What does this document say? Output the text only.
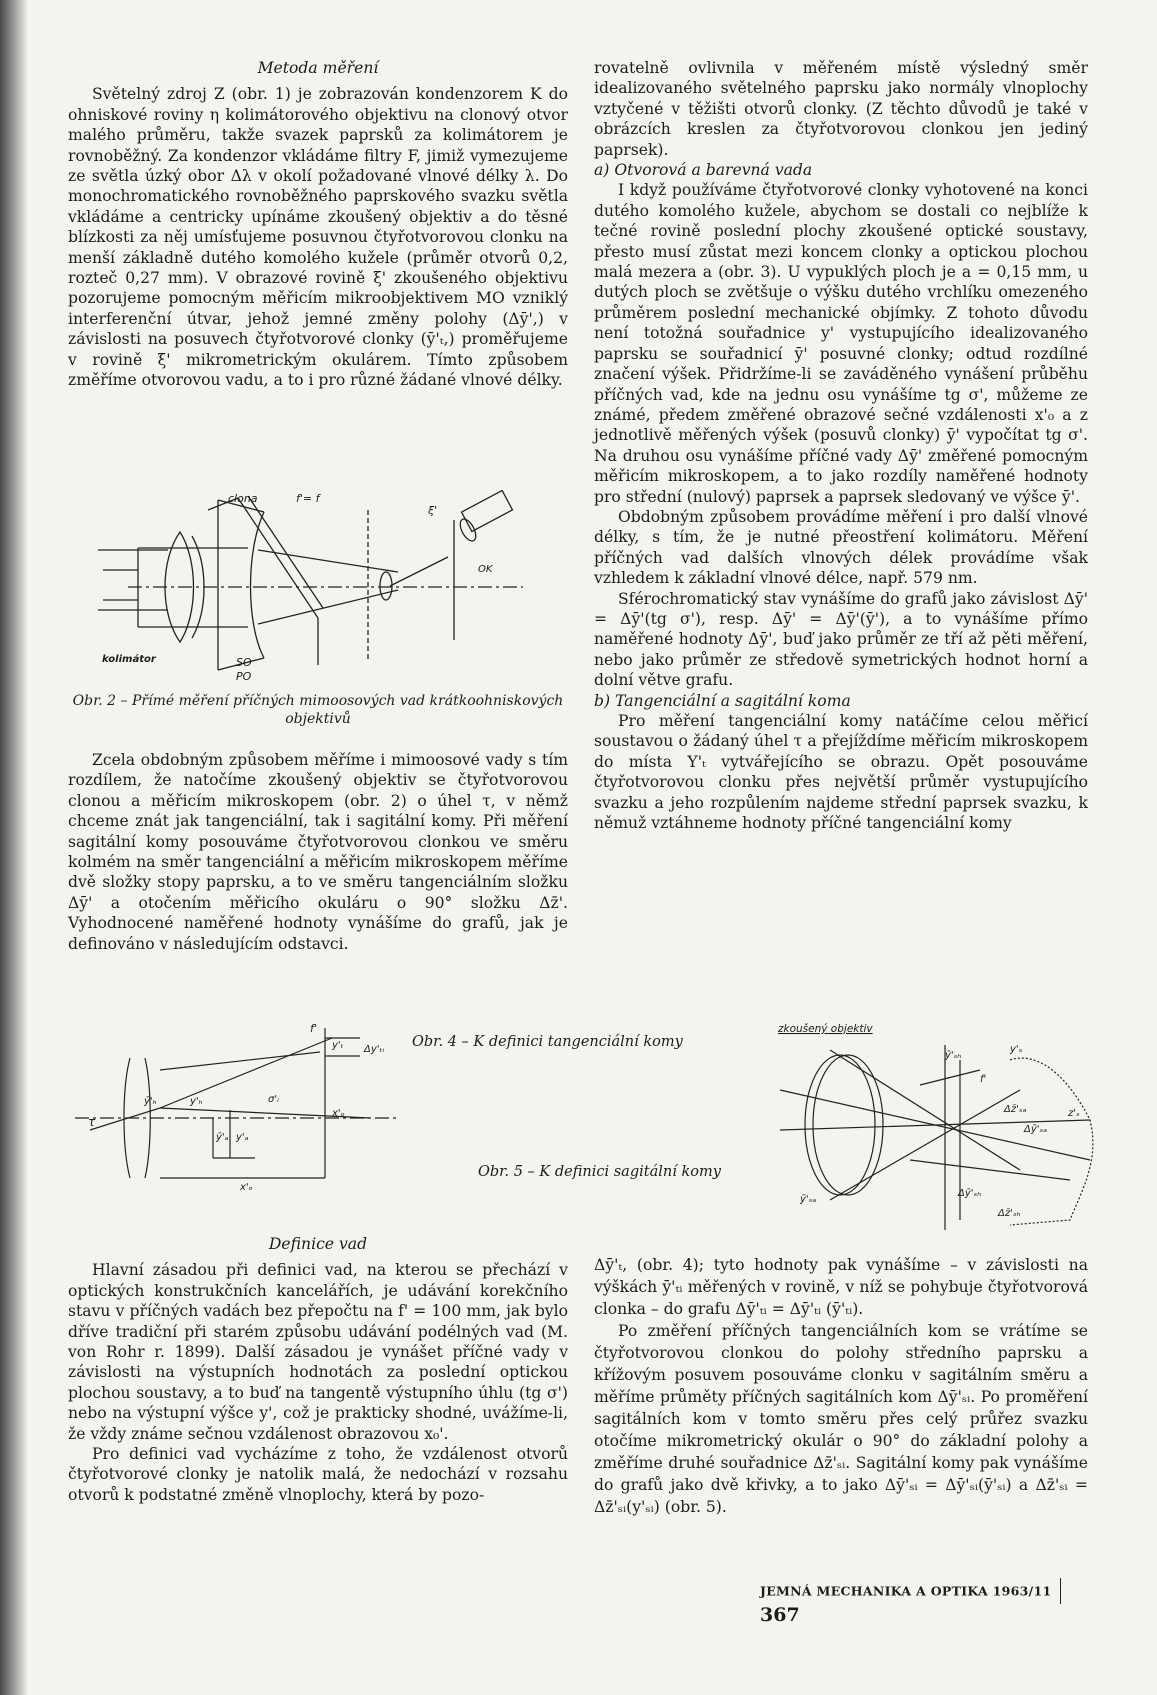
Metoda měření

Světelný zdroj Z (obr. 1) je zobrazován kondenzorem K do ohniskové roviny η kolimátorového objektivu na clonový otvor malého průměru, takže svazek paprsků za kolimátorem je rovnoběžný. Za kondenzor vkládáme filtry F, jimiž vymezujeme ze světla úzký obor Δλ v okolí požadované vlnové délky λ. Do monochromatického rovnoběžného paprskového svazku světla vkládáme a centricky upínáme zkoušený objektiv a do těsné blízkosti za něj umísťujeme posuvnou čtyřotvorovou clonku na menší základně dutého komolého kužele (průměr otvorů 0,2, rozteč 0,27 mm). V obrazové rovině ξ' zkoušeného objektivu pozorujeme pomocným měřicím mikroobjektivem MO vzniklý interferenční útvar, jehož jemné změny polohy (Δȳ',) v závislosti na posuvech čtyřotvorové clonky (ȳ'ₜ,) proměřujeme v rovině ξ' mikrometrickým okulárem. Tímto způsobem změříme otvorovou vadu, a to i pro různé žádané vlnové délky.

clona	f'= f
ξ'
OK
kolimátor	SO
PO
Obr. 2 – Přímé měření příčných mimoosových vad krátkoohniskových objektivů

Zcela obdobným způsobem měříme i mimoosové vady s tím rozdílem, že natočíme zkoušený objektiv se čtyřotvorovou clonou a měřicím mikroskopem (obr. 2) o úhel τ, v němž chceme znát jak tangenciální, tak i sagitální komy. Při měření sagitální komy posouváme čtyřotvorovou clonkou ve směru kolmém na směr tangenciální a měřicím mikroskopem měříme dvě složky stopy paprsku, a to ve směru tangenciálním složku Δȳ' a otočením měřicího okuláru o 90° složku Δz̄'. Vyhodnocené naměřené hodnoty vynášíme do grafů, jak je definováno v následujícím odstavci.

rovatelně ovlivnila v měřeném místě výsledný směr idealizovaného světelného paprsku jako normály vlnoplochy vztyčené v těžišti otvorů clonky. (Z těchto důvodů je také v obrázcích kreslen za čtyřotvorovou clonkou jen jediný paprsek).

a) Otvorová a barevná vada

I když používáme čtyřotvorové clonky vyhotovené na konci dutého komolého kužele, abychom se dostali co nejblíže k tečné rovině poslední plochy zkoušené optické soustavy, přesto musí zůstat mezi koncem clonky a optickou plochou malá mezera a (obr. 3). U vypuklých ploch je a = 0,15 mm, u dutých ploch se zvětšuje o výšku dutého vrchlíku omezeného průměrem poslední mechanické objímky. Z tohoto důvodu není totožná souřadnice y' vystupujícího idealizovaného paprsku se souřadnicí ȳ' posuvné clonky; odtud rozdílné značení výšek. Přidržíme-li se zaváděného vynášení průběhu příčných vad, kde na jednu osu vynášíme tg σ', můžeme ze známé, předem změřené obrazové sečné vzdálenosti x'₀ a z jednotlivě měřených výšek (posuvů clonky) ȳ' vypočítat tg σ'. Na druhou osu vynášíme příčné vady Δȳ' změřené pomocným měřicím mikroskopem, a to jako rozdíly naměřené hodnoty pro střední (nulový) paprsek a paprsek sledovaný ve výšce ȳ'.

Obdobným způsobem provádíme měření i pro další vlnové délky, s tím, že je nutné přeostření kolimátoru. Měření příčných vad dalších vlnových délek provádíme však vzhledem k základní vlnové délce, např. 579 nm.

Sférochromatický stav vynášíme do grafů jako závislost Δȳ' = Δȳ'(tg σ'), resp. Δȳ' = Δȳ'(ȳ'), a to vynášíme přímo naměřené hodnoty Δȳ', buď jako průměr ze tří až pěti měření, nebo jako průměr ze středově symetrických hodnot horní a dolní větve grafu.

b) Tangenciální a sagitální koma

Pro měření tangenciální komy natáčíme celou měřicí soustavou o žádaný úhel τ a přejíždíme měřicím mikroskopem do místa Y'ₜ vytvářejícího se obrazu. Opět posouváme čtyřotvorovou clonku přes největší průměr vystupujícího svazku a jeho rozpůlením najdeme střední paprsek svazku, k němuž vztáhneme hodnoty příčné tangenciální komy

f'
y'ₜ Δy'ₜᵢ
τ
ȳ'ₕ	y'ₕ	σ'ᵢ
x'ₒ
ȳ'ₐ y'ₐ
x'ₒ
Obr. 4 – K definici tangenciální komy
zkoušený objektiv
ȳ'ₛₕ
y'ₛ
f'
Δz̄'ₛₐ	z'ₛ
Δȳ'ₛₐ
ȳ'ₛₐ
Δȳ'ₛₕ
Δz̄'ₛₕ
Obr. 5 – K definici sagitální komy
Definice vad

Hlavní zásadou při definici vad, na kterou se přechází v optických konstrukčních kancelářích, je udávání korekčního stavu v příčných vadách bez přepočtu na f' = 100 mm, jak bylo dříve tradiční při starém způsobu udávání podélných vad (M. von Rohr r. 1899). Další zásadou je vynášet příčné vady v závislosti na výstupních hodnotách za poslední optickou plochou soustavy, a to buď na tangentě výstupního úhlu (tg σ') nebo na výstupní výšce y', což je prakticky shodné, uvážíme-li, že vždy známe sečnou vzdálenost obrazovou x₀'.

Pro definici vad vycházíme z toho, že vzdálenost otvorů čtyřotvorové clonky je natolik malá, že nedochází v rozsahu otvorů k podstatné změně vlnoplochy, která by pozo-

Δȳ'ₜ, (obr. 4); tyto hodnoty pak vynášíme – v závislosti na výškách ȳ'ₜᵢ měřených v rovině, v níž se pohybuje čtyřotvorová clonka – do grafu Δȳ'ₜᵢ = Δȳ'ₜᵢ (ȳ'ₜᵢ).

Po změření příčných tangenciálních kom se vrátíme se čtyřotvorovou clonkou do polohy středního paprsku a křížovým posuvem posouváme clonku v sagitálním směru a měříme průměty příčných sagitálních kom Δȳ'ₛᵢ. Po proměření sagitálních kom v tomto směru přes celý průřez svazku otočíme mikrometrický okulár o 90° do základní polohy a změříme druhé souřadnice Δz̄'ₛᵢ. Sagitální komy pak vynášíme do grafů jako dvě křivky, a to jako Δȳ'ₛᵢ = Δȳ'ₛᵢ(ȳ'ₛᵢ) a Δz̄'ₛᵢ = Δz̄'ₛᵢ(y'ₛᵢ) (obr. 5).

JEMNÁ MECHANIKA A OPTIKA 1963/11367
